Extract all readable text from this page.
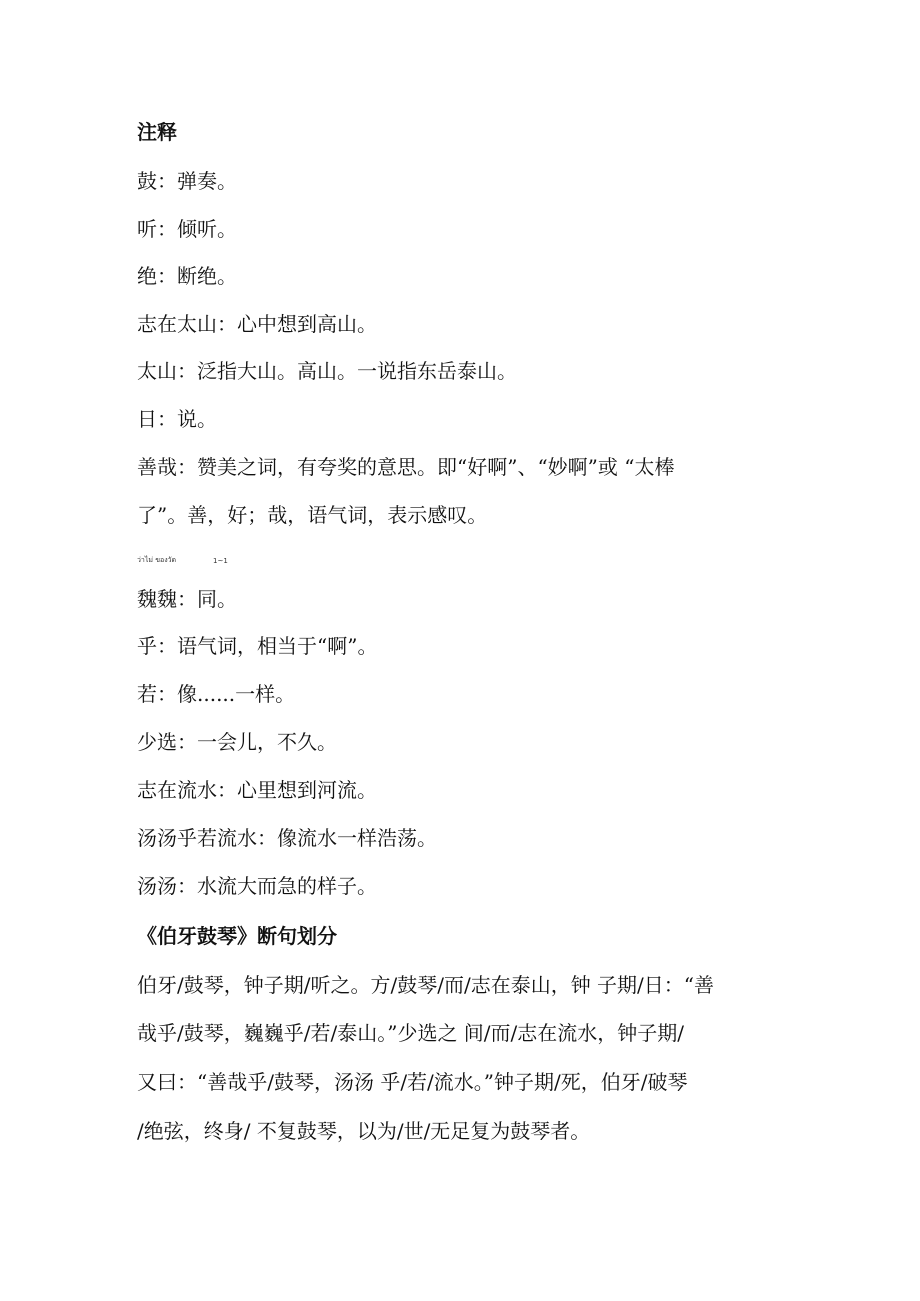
注释
鼓：弹奏。
听：倾听。
绝：断绝。
志在太山：心中想到高山。
太山：泛指大山。高山。一说指东岳泰山。
日：说。
善哉：赞美之词，有夸奖的意思。即“好啊”、“妙啊”或 “太棒
了”。善，好；哉，语气词，表示感叹。
ว่าไม่ ของวัด	1~1
魏魏：同。
乎：语气词，相当于“啊”。
若：像......一样。
少选：一会儿，不久。
志在流水：心里想到河流。
汤汤乎若流水：像流水一样浩荡。
汤汤：水流大而急的样子。
《伯牙鼓琴》断句划分
伯牙/鼓琴，钟子期/听之。方/鼓琴/而/志在泰山，钟 子期/日：“善
哉乎/鼓琴，巍巍乎/若/泰山。”少选之 间/而/志在流水，钟子期/
又曰：“善哉乎/鼓琴，汤汤 乎/若/流水。”钟子期/死，伯牙/破琴
/绝弦，终身/ 不复鼓琴，以为/世/无足复为鼓琴者。
